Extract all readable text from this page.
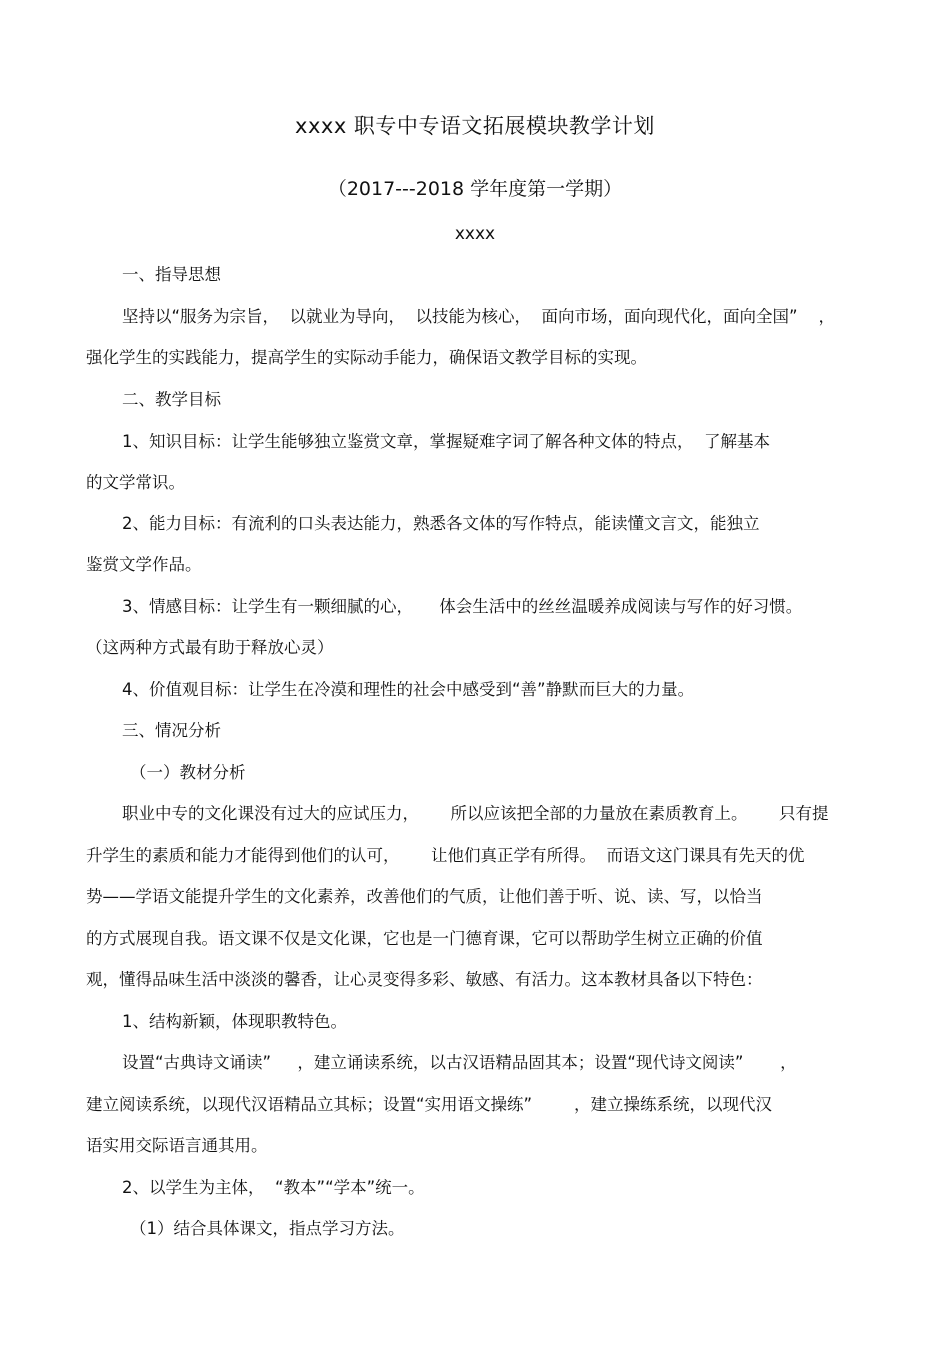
xxxx 职专中专语文拓展模块教学计划
（2017---2018 学年度第一学期）
xxxx
一、指导思想
坚持以“服务为宗旨，  以就业为导向，  以技能为核心，  面向市场，面向现代化，面向全国”    ，
强化学生的实践能力，提高学生的实际动手能力，确保语文教学目标的实现。
二、教学目标
1、知识目标：让学生能够独立鉴赏文章，掌握疑难字词了解各种文体的特点，  了解基本
的文学常识。
2、能力目标：有流利的口头表达能力，熟悉各文体的写作特点，能读懂文言文，能独立
鉴赏文学作品。
3、情感目标：让学生有一颗细腻的心，     体会生活中的丝丝温暖养成阅读与写作的好习惯。
（这两种方式最有助于释放心灵）
4、价值观目标：让学生在冷漠和理性的社会中感受到“善”静默而巨大的力量。
三、情况分析
（一）教材分析
职业中专的文化课没有过大的应试压力，      所以应该把全部的力量放在素质教育上。      只有提
升学生的素质和能力才能得到他们的认可，      让他们真正学有所得。  而语文这门课具有先天的优
势——学语文能提升学生的文化素养，改善他们的气质，让他们善于听、说、读、写，以恰当
的方式展现自我。语文课不仅是文化课，它也是一门德育课，它可以帮助学生树立正确的价值
观，懂得品味生活中淡淡的馨香，让心灵变得多彩、敏感、有活力。这本教材具备以下特色：
1、结构新颖，体现职教特色。
设置“古典诗文诵读”     ，建立诵读系统，以古汉语精品固其本；设置“现代诗文阅读”       ，
建立阅读系统，以现代汉语精品立其标；设置“实用语文操练”        ，建立操练系统，以现代汉
语实用交际语言通其用。
2、以学生为主体，  “教本”“学本”统一。
（1）结合具体课文，指点学习方法。
